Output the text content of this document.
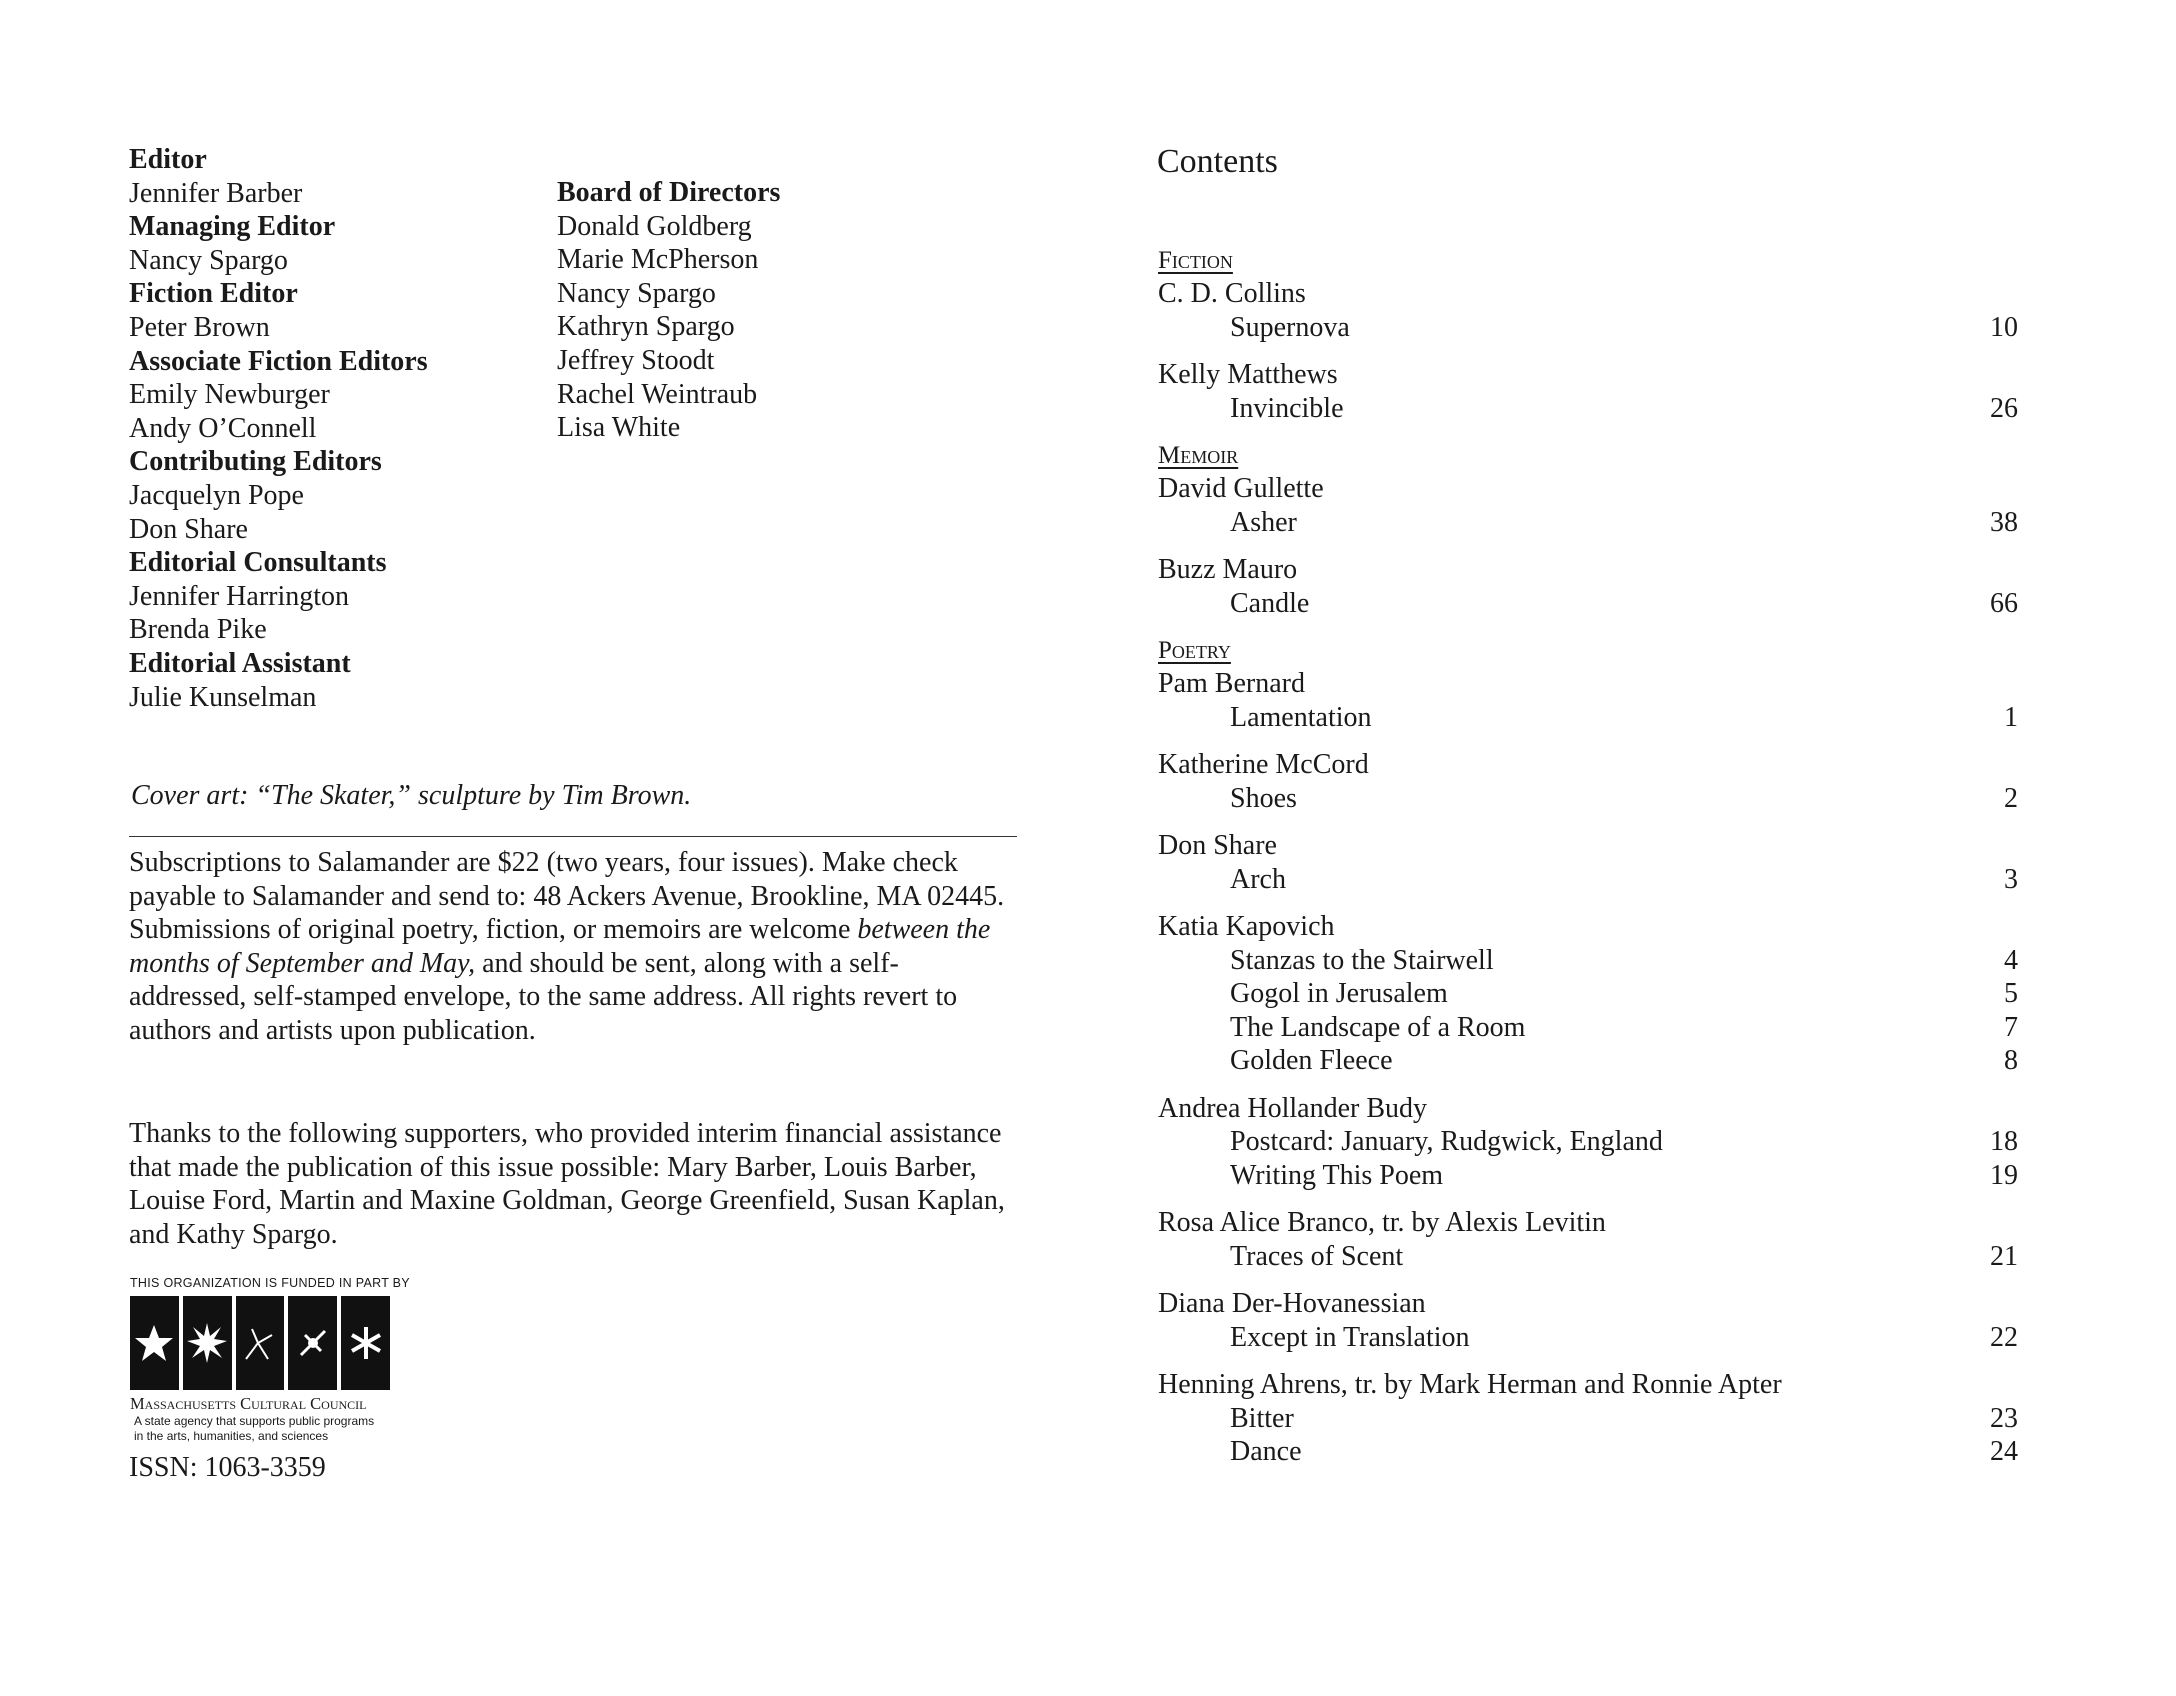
Editor
Jennifer Barber
Managing Editor
Nancy Spargo
Fiction Editor
Peter Brown
Associate Fiction Editors
Emily Newburger
Andy O’Connell
Contributing Editors
Jacquelyn Pope
Don Share
Editorial Consultants
Jennifer Harrington
Brenda Pike
Editorial Assistant
Julie Kunselman
Board of Directors
Donald Goldberg
Marie McPherson
Nancy Spargo
Kathryn Spargo
Jeffrey Stoodt
Rachel Weintraub
Lisa White
Cover art: “The Skater,” sculpture by Tim Brown.
Subscriptions to Salamander are $22 (two years, four issues). Make check payable to Salamander and send to: 48 Ackers Avenue, Brookline, MA 02445. Submissions of original poetry, fiction, or memoirs are welcome between the months of September and May, and should be sent, along with a self-addressed, self-stamped envelope, to the same address. All rights revert to authors and artists upon publication.
Thanks to the following supporters, who provided interim financial assistance that made the publication of this issue possible: Mary Barber, Louis Barber, Louise Ford, Martin and Maxine Goldman, George Greenfield, Susan Kaplan, and Kathy Spargo.
THIS ORGANIZATION IS FUNDED IN PART BY
Massachusetts Cultural Council
A state agency that supports public programs
in the arts, humanities, and sciences
ISSN: 1063-3359
Contents
Fiction
C. D. Collins
Supernova	10
Kelly Matthews
Invincible	26
Memoir
David Gullette
Asher	38
Buzz Mauro
Candle	66
Poetry
Pam Bernard
Lamentation	1
Katherine McCord
Shoes	2
Don Share
Arch	3
Katia Kapovich
Stanzas to the Stairwell	4
Gogol in Jerusalem	5
The Landscape of a Room	7
Golden Fleece	8
Andrea Hollander Budy
Postcard: January, Rudgwick, England	18
Writing This Poem	19
Rosa Alice Branco, tr. by Alexis Levitin
Traces of Scent	21
Diana Der-Hovanessian
Except in Translation	22
Henning Ahrens, tr. by Mark Herman and Ronnie Apter
Bitter	23
Dance	24
